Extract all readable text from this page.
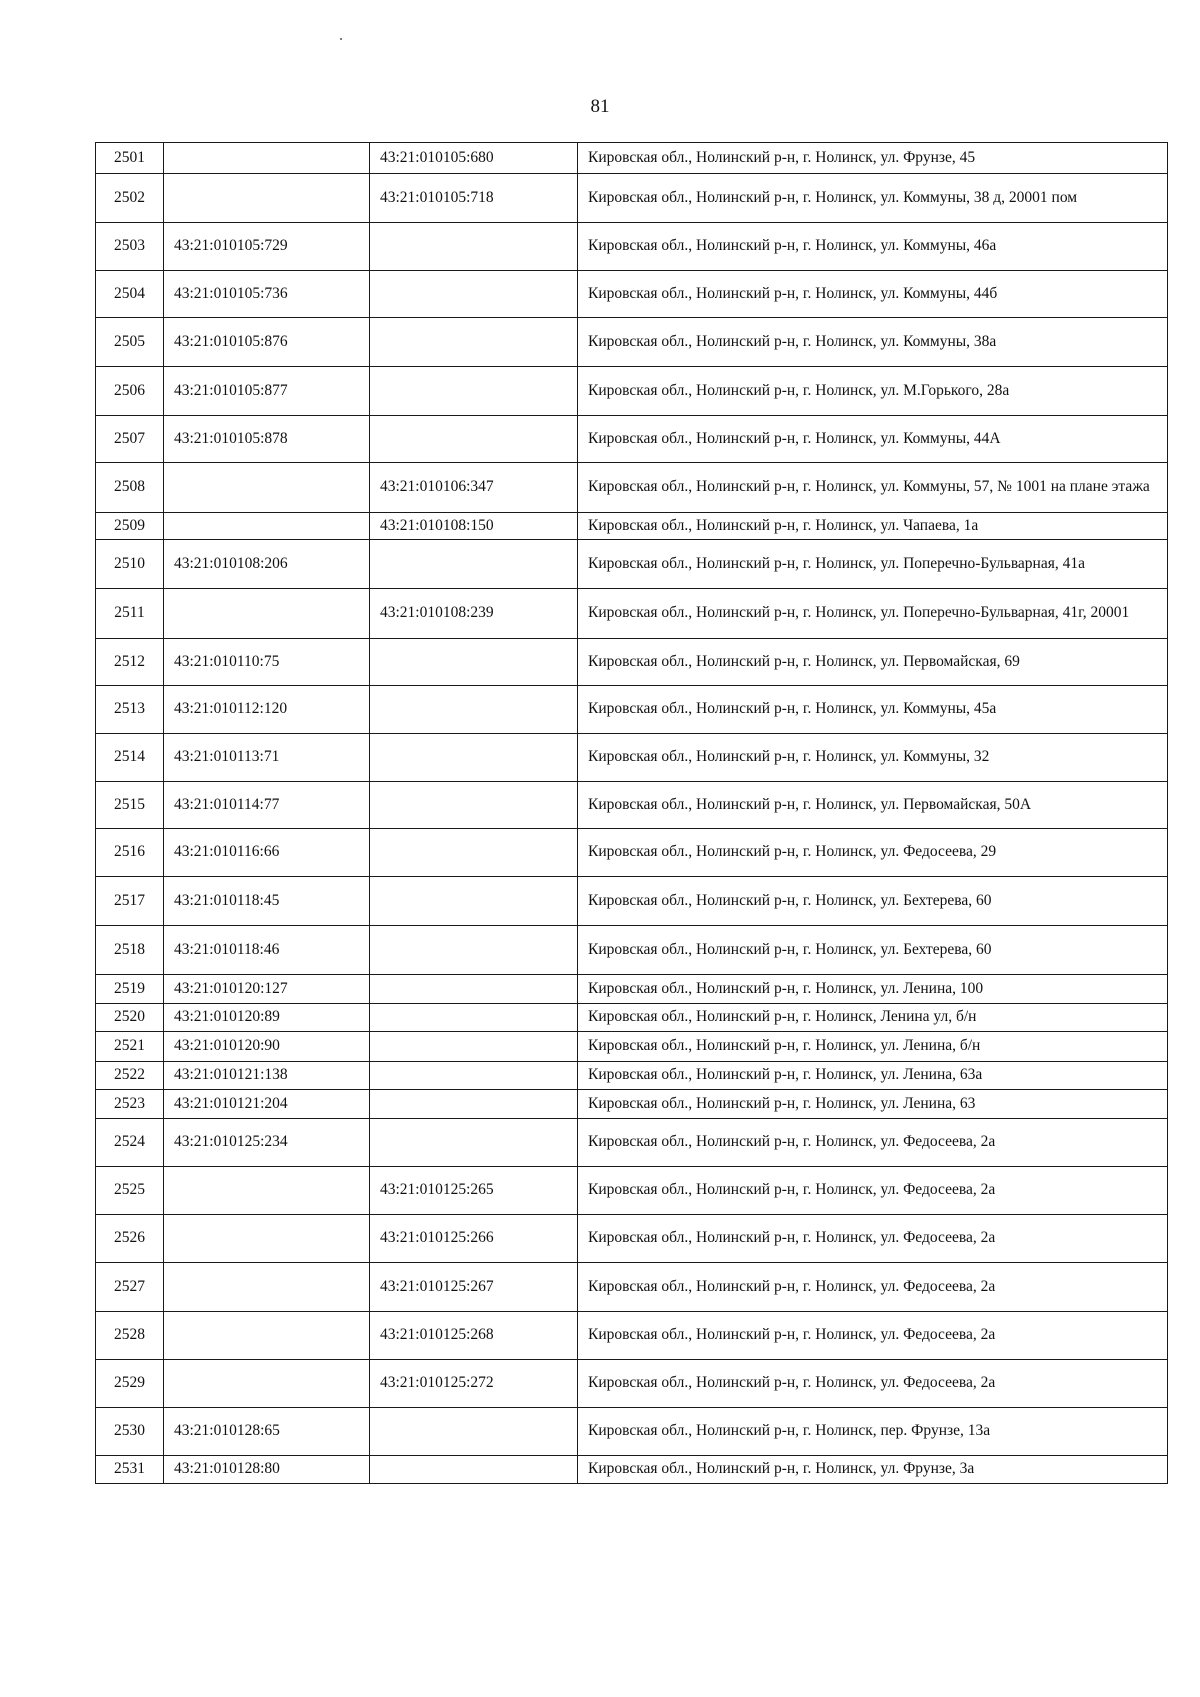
81
2501		43:21:010105:680	Кировская обл., Нолинский р-н, г. Нолинск, ул. Фрунзе, 45
2502		43:21:010105:718	Кировская обл., Нолинский р-н, г. Нолинск, ул. Коммуны, 38 д, 20001 пом
2503	43:21:010105:729		Кировская обл., Нолинский р-н, г. Нолинск, ул. Коммуны, 46а
2504	43:21:010105:736		Кировская обл., Нолинский р-н, г. Нолинск, ул. Коммуны, 44б
2505	43:21:010105:876		Кировская обл., Нолинский р-н, г. Нолинск, ул. Коммуны, 38а
2506	43:21:010105:877		Кировская обл., Нолинский р-н, г. Нолинск, ул. М.Горького, 28а
2507	43:21:010105:878		Кировская обл., Нолинский р-н, г. Нолинск, ул. Коммуны, 44А
2508		43:21:010106:347	Кировская обл., Нолинский р-н, г. Нолинск, ул. Коммуны, 57, № 1001 на плане этажа
2509		43:21:010108:150	Кировская обл., Нолинский р-н, г. Нолинск, ул. Чапаева, 1а
2510	43:21:010108:206		Кировская обл., Нолинский р-н, г. Нолинск, ул. Поперечно-Бульварная, 41а
2511		43:21:010108:239	Кировская обл., Нолинский р-н, г. Нолинск, ул. Поперечно-Бульварная, 41г, 20001
2512	43:21:010110:75		Кировская обл., Нолинский р-н, г. Нолинск, ул. Первомайская, 69
2513	43:21:010112:120		Кировская обл., Нолинский р-н, г. Нолинск, ул. Коммуны, 45а
2514	43:21:010113:71		Кировская обл., Нолинский р-н, г. Нолинск, ул. Коммуны, 32
2515	43:21:010114:77		Кировская обл., Нолинский р-н, г. Нолинск, ул. Первомайская, 50А
2516	43:21:010116:66		Кировская обл., Нолинский р-н, г. Нолинск, ул. Федосеева, 29
2517	43:21:010118:45		Кировская обл., Нолинский р-н, г. Нолинск, ул. Бехтерева, 60
2518	43:21:010118:46		Кировская обл., Нолинский р-н, г. Нолинск, ул. Бехтерева, 60
2519	43:21:010120:127		Кировская обл., Нолинский р-н, г. Нолинск, ул. Ленина, 100
2520	43:21:010120:89		Кировская обл., Нолинский р-н, г. Нолинск, Ленина ул, б/н
2521	43:21:010120:90		Кировская обл., Нолинский р-н, г. Нолинск, ул. Ленина, б/н
2522	43:21:010121:138		Кировская обл., Нолинский р-н, г. Нолинск, ул. Ленина, 63а
2523	43:21:010121:204		Кировская обл., Нолинский р-н, г. Нолинск, ул. Ленина, 63
2524	43:21:010125:234		Кировская обл., Нолинский р-н, г. Нолинск, ул. Федосеева, 2а
2525		43:21:010125:265	Кировская обл., Нолинский р-н, г. Нолинск, ул. Федосеева, 2а
2526		43:21:010125:266	Кировская обл., Нолинский р-н, г. Нолинск, ул. Федосеева, 2а
2527		43:21:010125:267	Кировская обл., Нолинский р-н, г. Нолинск, ул. Федосеева, 2а
2528		43:21:010125:268	Кировская обл., Нолинский р-н, г. Нолинск, ул. Федосеева, 2а
2529		43:21:010125:272	Кировская обл., Нолинский р-н, г. Нолинск, ул. Федосеева, 2а
2530	43:21:010128:65		Кировская обл., Нолинский р-н, г. Нолинск, пер. Фрунзе, 13а
2531	43:21:010128:80		Кировская обл., Нолинский р-н, г. Нолинск, ул. Фрунзе, 3а
